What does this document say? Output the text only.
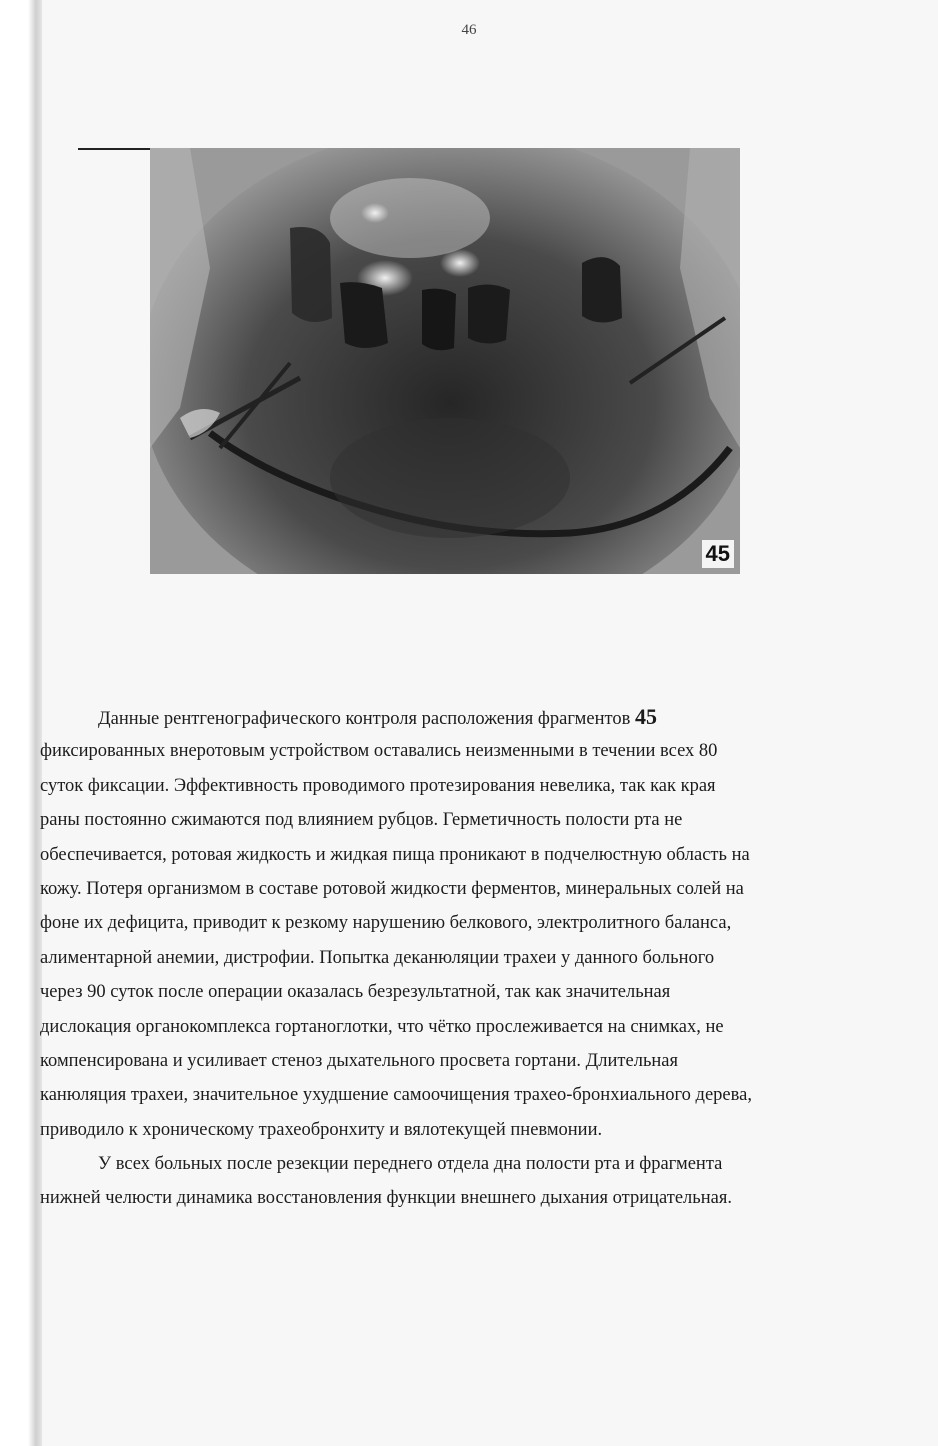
46
45
Данные рентгенографического контроля расположения фрагментов 45
фиксированных внеротовым устройством оставались неизменными в течении всех 80
суток фиксации. Эффективность проводимого протезирования невелика, так как края
раны постоянно сжимаются под влиянием рубцов. Герметичность полости рта не
обеспечивается, ротовая жидкость и жидкая пища проникают в подчелюстную область на
кожу. Потеря организмом в составе ротовой жидкости ферментов, минеральных солей на
фоне их дефицита, приводит к резкому нарушению белкового, электролитного баланса,
алиментарной анемии, дистрофии. Попытка деканюляции трахеи у данного больного
через 90 суток после операции оказалась безрезультатной, так как значительная
дислокация органокомплекса гортаноглотки, что чётко прослеживается на снимках, не
компенсирована и усиливает стеноз дыхательного просвета гортани. Длительная
канюляция трахеи, значительное ухудшение самоочищения трахео-бронхиального дерева,
приводило к хроническому трахеобронхиту и вялотекущей пневмонии.
У всех больных после резекции переднего отдела дна полости рта и фрагмента
нижней челюсти динамика восстановления функции внешнего дыхания отрицательная.
